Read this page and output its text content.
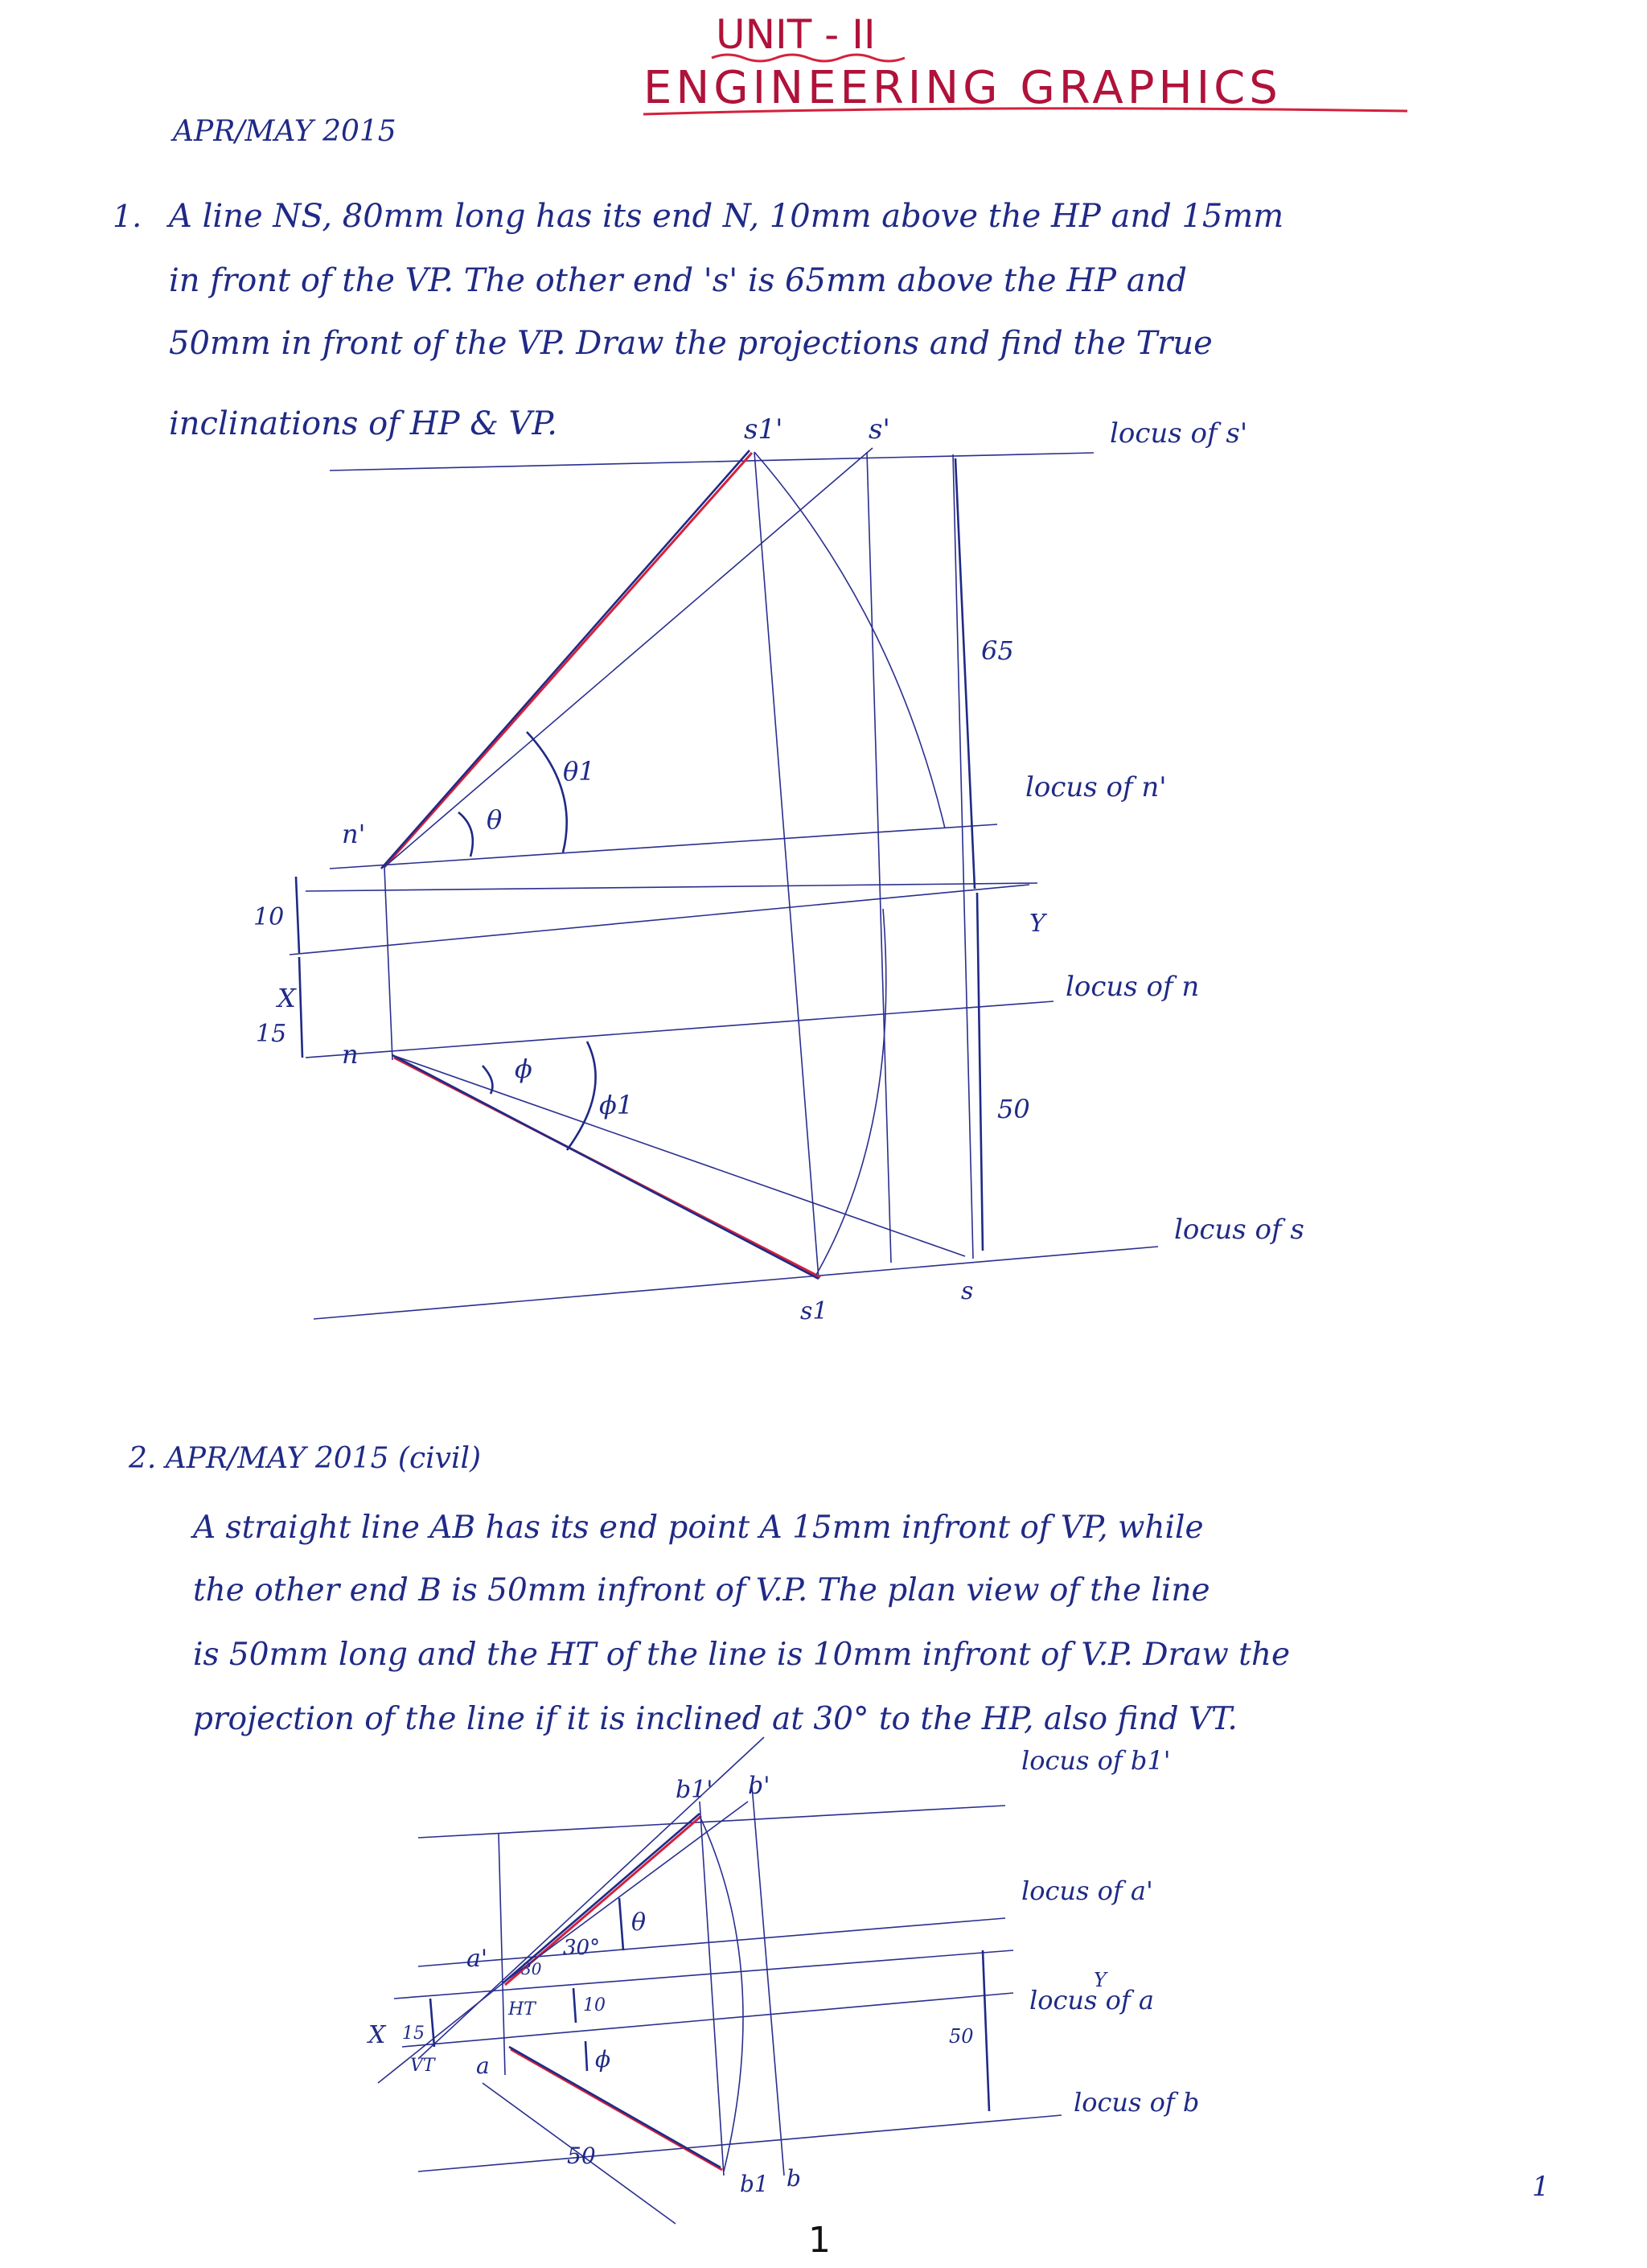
UNIT - II
ENGINEERING GRAPHICS
APR/MAY 2015
1. A line NS, 80mm long has its end N, 10mm above the HP and 15mm
in front of the VP. The other end 's' is 65mm above the HP and
50mm in front of the VP. Draw the projections and find the True
inclinations of HP & VP.	s1'	s'	locus of s'
65
θ1
θ
n'
locus of n'
10	Y
X
15
locus of n
n	ϕ
ϕ1	50
locus of s
s1
s
2. APR/MAY 2015 (civil)
A straight line AB has its end point A 15mm infront of VP, while
the other end B is 50mm infront of V.P. The plan view of the line
is 50mm long and the HT of the line is 10mm infront of V.P. Draw the
projection of the line if it is inclined at 30° to the HP, also find VT.
b1' b'
locus of b1'
locus of a'
θ
a'	30°
30
locus of a
Y
X 15
HT	10
VT a	ϕ
50
locus of b
50
b1 b
1
1
